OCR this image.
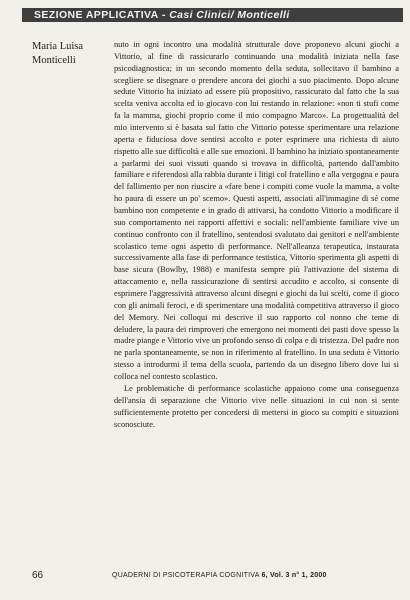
SEZIONE APPLICATIVA - Casi Clinici/ Monticelli
Maria Luisa
Monticelli

nuto in ogni incontro una modalità strutturale dove proponevo alcuni giochi a Vittorio, al fine di rassicurarlo continuando una modalità iniziata nella fase psicodiagnostica; in un secondo momento della seduta, sollecitavo il bambino a scegliere se disegnare o prendere ancora dei giochi a suo piacimento. Dopo alcune sedute Vittorio ha iniziato ad essere più propositivo, rassicurato dal fatto che la sua scelta veniva accolta ed io giocavo con lui restando in relazione: «non ti stufi come fa la mamma, giochi proprio come il mio compagno Marco». La progettualità del mio intervento si è basata sul fatto che Vittorio potesse sperimentare una relazione aperta e fiduciosa dove sentirsi accolto e poter esprimere una richiesta di aiuto rispetto alle sue difficoltà e alle sue emozioni. Il bambino ha iniziato spontaneamente a parlarmi dei suoi vissuti quando si trovava in difficoltà, partendo dall'ambito familiare e riferendosi alla rabbia durante i litigi col fratellino e alla vergogna e paura del fallimento per non riuscire a «fare bene i compiti come vuole la mamma, a volte ho paura di essere un po' scemo». Questi aspetti, associati all'immagine di sé come bambino non competente e in grado di attivarsi, ha condotto Vittorio a modificare il suo comportamento nei rapporti affettivi e sociali: nell'ambiente familiare vive un continuo confronto con il fratellino, sentendosi svalutato dai genitori e nell'ambiente scolastico teme ogni aspetto di performance. Nell'alleanza terapeutica, instaurata successivamente alla fase di performance testistica, Vittorio sperimenta gli aspetti di base sicura (Bowlby, 1988) e manifesta sempre più l'attivazione del sistema di attaccamento e, nella rassicurazione di sentirsi accudito e accolto, si consente di esprimere l'aggressività attraverso alcuni disegni e giochi da lui scelti, come il gioco con gli animali feroci, e di sperimentare una modalità competitiva attraverso il gioco del Memory. Nei colloqui mi descrive il suo rapporto col nonno che teme di deludere, la paura dei rimproveri che emergono nei momenti dei pasti dove spesso la madre piange e Vittorio vive un profondo senso di colpa e di tristezza. Del padre non ne parla spontaneamente, se non in riferimento al fratellino. In una seduta è Vittorio stesso a introdurmi il tema della scuola, partendo da un disegno libero dove lui si colloca nel contesto scolastico.

Le problematiche di performance scolastiche appaiono come una conseguenza dell'ansia di separazione che Vittorio vive nelle situazioni in cui non si sente sufficientemente protetto per concedersi di mettersi in gioco su compiti e situazioni sconosciute.

66	QUADERNI DI PSICOTERAPIA COGNITIVA 6, Vol. 3 n° 1, 2000
